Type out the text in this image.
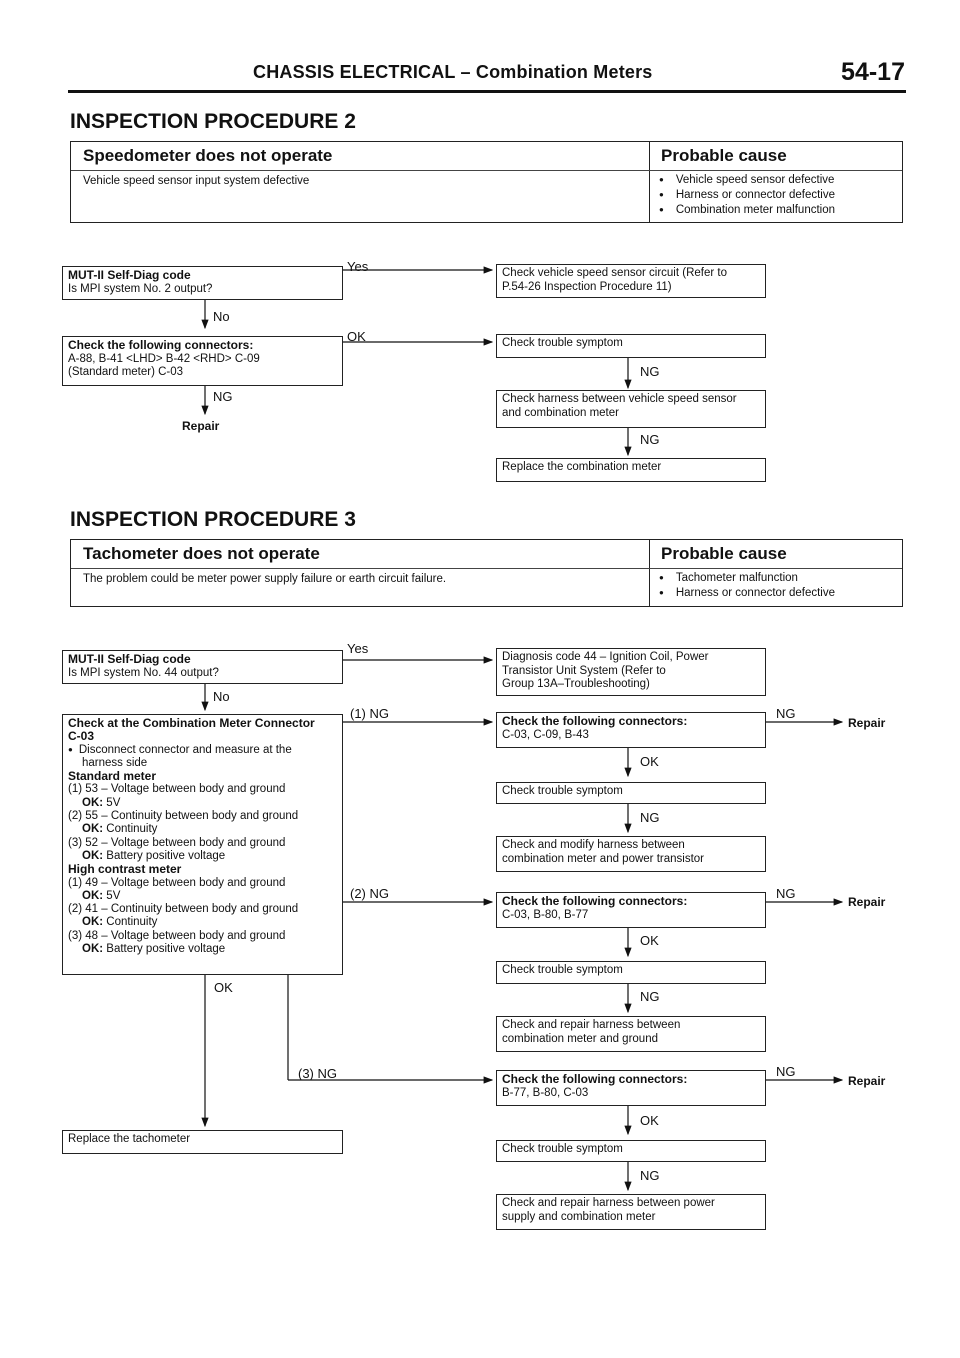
CHASSIS ELECTRICAL – Combination Meters	54-17
INSPECTION PROCEDURE 2
Speedometer does not operate	Probable cause
Vehicle speed sensor input system defective	● Vehicle speed sensor defective
● Harness or connector defective
● Combination meter malfunction
MUT-II Self-Diag code
Is MPI system No. 2 output?
Yes	Check vehicle speed sensor circuit (Refer to
P.54-26 Inspection Procedure 11)
No
Check the following connectors:
A-88, B-41 <LHD> B-42 <RHD> C-09
(Standard meter) C-03
OK	Check trouble symptom
NG
Repair
NG
Check harness between vehicle speed sensor
and combination meter
NG
Replace the combination meter
INSPECTION PROCEDURE 3
Tachometer does not operate	Probable cause
The problem could be meter power supply failure or earth circuit failure.	● Tachometer malfunction
● Harness or connector defective
MUT-II Self-Diag code
Is MPI system No. 44 output?
Yes
Diagnosis code 44 – Ignition Coil, Power
Transistor Unit System (Refer to
Group 13A–Troubleshooting)
No
Check at the Combination Meter Connector
C-03
● Disconnect connector and measure at the
harness side
Standard meter
(1) 53 – Voltage between body and ground
OK: 5V
(2) 55 – Continuity between body and ground
OK: Continuity
(3) 52 – Voltage between body and ground
OK: Battery positive voltage
High contrast meter
(1) 49 – Voltage between body and ground
OK: 5V
(2) 41 – Continuity between body and ground
OK: Continuity
(3) 48 – Voltage between body and ground
OK: Battery positive voltage
(1) NG
(2) NG
(3) NG
OK
Check the following connectors:
C-03, C-09, B-43
NG
Repair
OK
Check trouble symptom
NG
Check and modify harness between
combination meter and power transistor
Check the following connectors:
C-03, B-80, B-77
NG
Repair
OK
Check trouble symptom
NG
Check and repair harness between
combination meter and ground
Check the following connectors:
B-77, B-80, C-03
NG
Repair
OK
Check trouble symptom
NG
Check and repair harness between power
supply and combination meter
Replace the tachometer
